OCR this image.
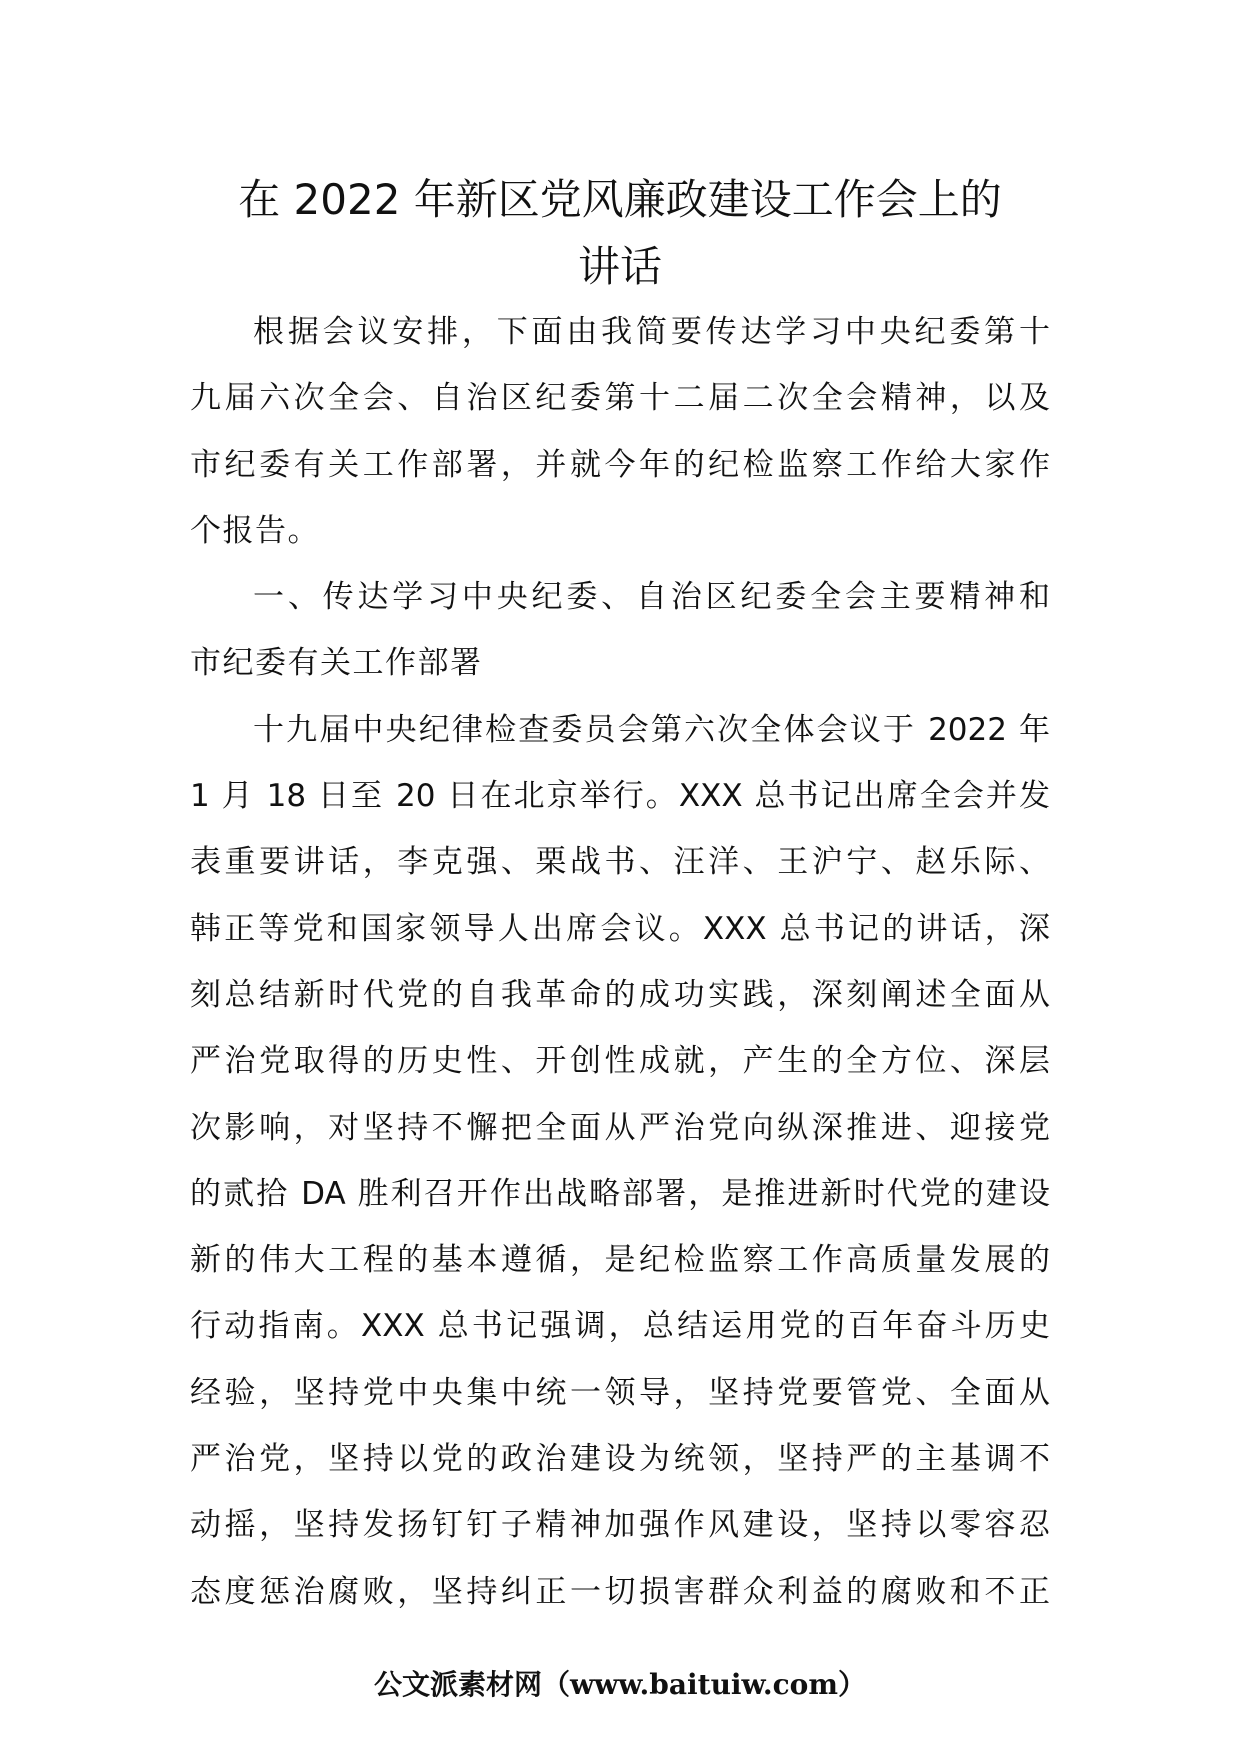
在 2022 年新区党风廉政建设工作会上的
讲话
根据会议安排，下面由我简要传达学习中央纪委第十
九届六次全会、自治区纪委第十二届二次全会精神，以及
市纪委有关工作部署，并就今年的纪检监察工作给大家作
个报告。
一、传达学习中央纪委、自治区纪委全会主要精神和
市纪委有关工作部署
十九届中央纪律检查委员会第六次全体会议于 2022 年
1 月 18 日至 20 日在北京举行。XXX 总书记出席全会并发
表重要讲话，李克强、栗战书、汪洋、王沪宁、赵乐际、
韩正等党和国家领导人出席会议。XXX 总书记的讲话，深
刻总结新时代党的自我革命的成功实践，深刻阐述全面从
严治党取得的历史性、开创性成就，产生的全方位、深层
次影响，对坚持不懈把全面从严治党向纵深推进、迎接党
的贰拾 DA 胜利召开作出战略部署，是推进新时代党的建设
新的伟大工程的基本遵循，是纪检监察工作高质量发展的
行动指南。XXX 总书记强调，总结运用党的百年奋斗历史
经验，坚持党中央集中统一领导，坚持党要管党、全面从
严治党，坚持以党的政治建设为统领，坚持严的主基调不
动摇，坚持发扬钉钉子精神加强作风建设，坚持以零容忍
态度惩治腐败，坚持纠正一切损害群众利益的腐败和不正
公文派素材网（www.baituiw.com）
